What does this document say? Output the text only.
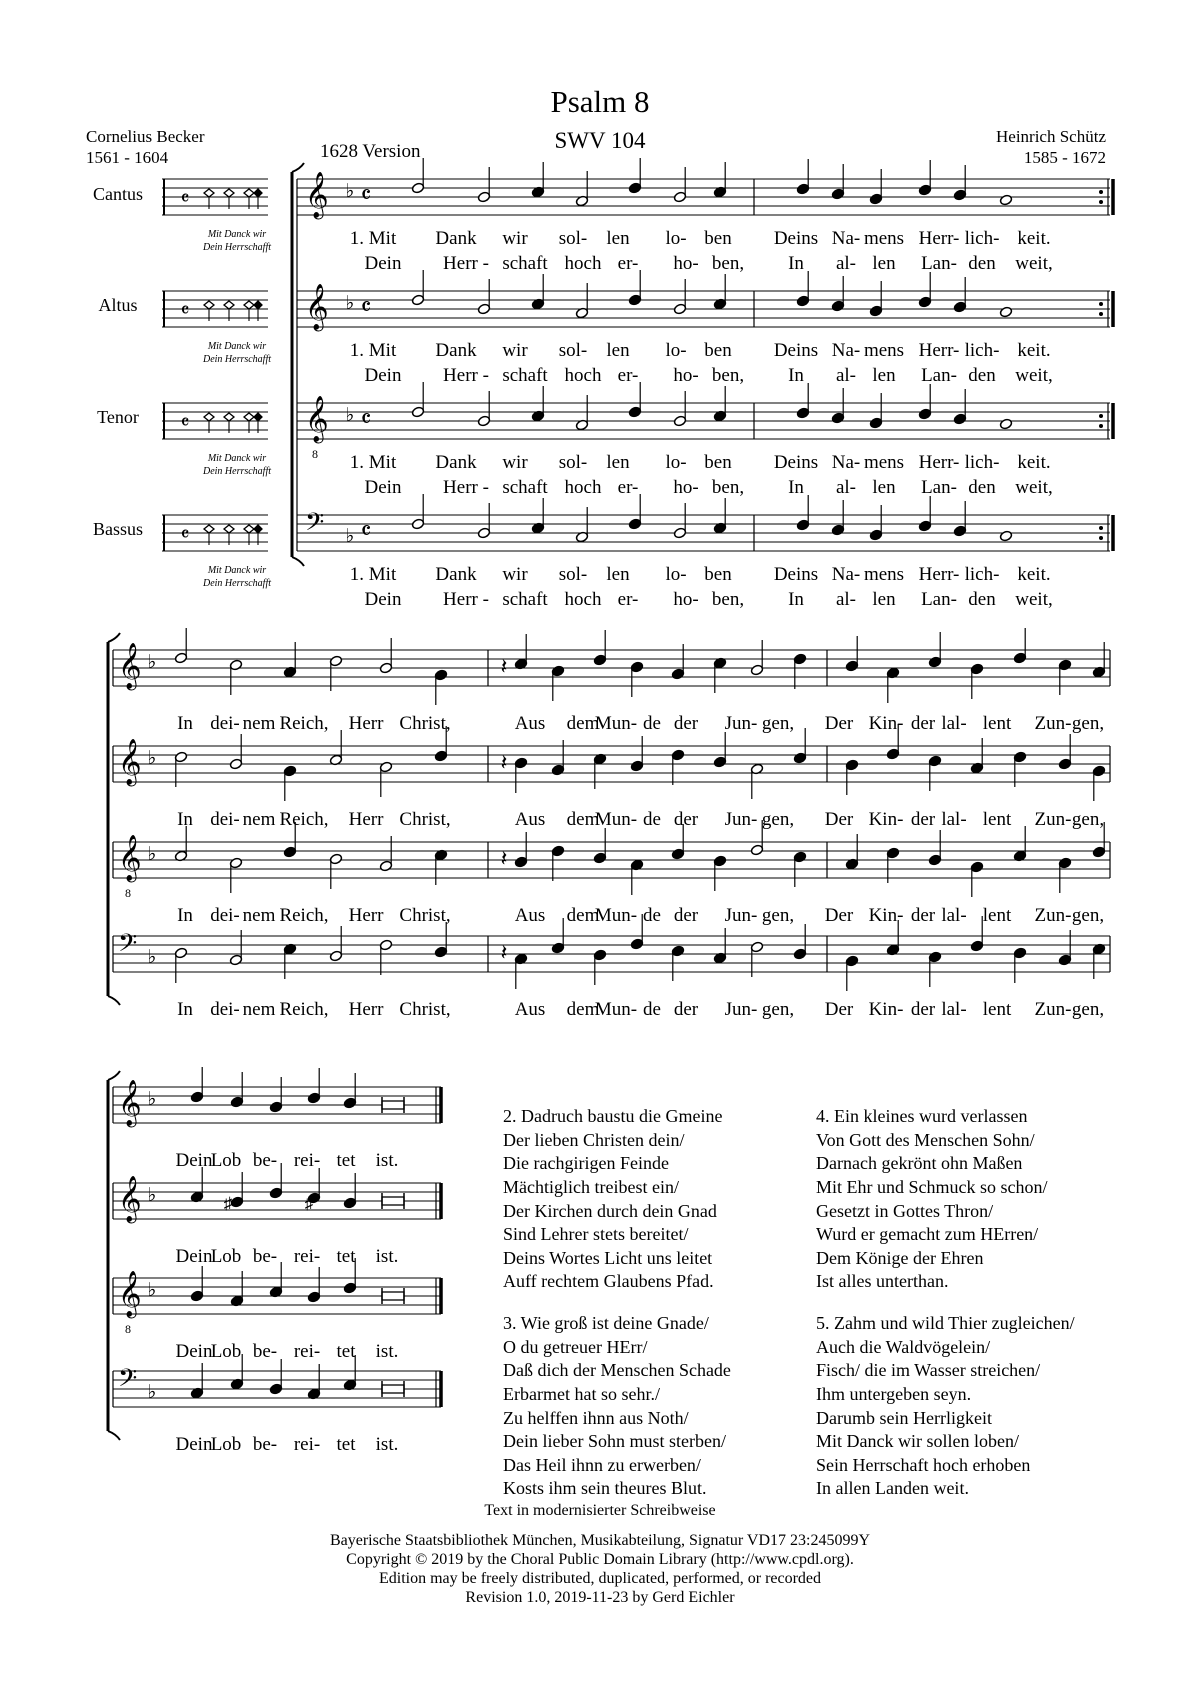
Psalm 8
SWV 104
Cornelius Becker
1561 - 1604	1628 Version
Heinrich Schütz
1585 - 1672
Cantus
Altus
Tenor
Bassus
𝄴
Mit Danck wir
Dein Herrschafft
𝄞 ♭ 𝄴
1. Mit
Dein
Dank
Herr -
wir
schaft
sol-
hoch
len
er-
lo-
ho-
ben
ben,
Deins
In
Na-
al-
mens
len
Herr-
Lan-
lich-
den
keit.
weit,
𝄴
Mit Danck wir
Dein Herrschafft
𝄞 ♭ 𝄴
1. Mit
Dein
Dank
Herr -
wir
schaft
sol-
hoch
len
er-
lo-
ho-
ben
ben,
Deins
In
Na-
al-
mens
len
Herr-
Lan-
lich-
den
keit.
weit,
𝄴
Mit Danck wir
Dein Herrschafft
𝄞
8
♭ 𝄴
1. Mit
Dein
Dank
Herr -
wir
schaft
sol-
hoch
len
er-
lo-
ho-
ben
ben,
Deins
In
Na-
al-
mens
len
Herr-
Lan-
lich-
den
keit.
weit,
𝄴
Mit Danck wir
Dein Herrschafft
𝄢 ♭ 𝄴
1. Mit
Dein
Dank
Herr -
wir
schaft
sol-
hoch
len
er-
lo-
ho-
ben
ben,
Deins
In
Na-
al-
mens
len
Herr-
Lan-
lich-
den
keit.
weit,
𝄞 ♭	𝄽
In dei- nem Reich, Herr Christ,	Aus dem
Mun- de der Jun- gen, Der Kin- der lal- lent Zun- gen,
𝄞 ♭	𝄽
In dei- nem Reich, Herr Christ,	Aus dem
Mun- de der Jun- gen, Der Kin- der lal- lent Zun- gen,
𝄞
8
♭	𝄽
In dei- nem Reich, Herr Christ,	Aus dem
Mun- de der Jun- gen, Der Kin- der lal- lent Zun- gen,
𝄢 ♭	𝄽
In dei- nem Reich, Herr Christ,	Aus dem
Mun- de der Jun- gen, Der Kin- der lal- lent Zun- gen,
𝄞 ♭
Dein
Lob be- rei- tet ist.
𝄞 ♭	♯	♯
Dein
Lob be- rei- tet ist.
𝄞
8
♭
Dein
Lob be- rei- tet ist.
𝄢 ♭
Dein
Lob be- rei- tet ist.

2. Dadruch baustu die Gmeine
Der lieben Christen dein/
Die rachgirigen Feinde
Mächtiglich treibest ein/
Der Kirchen durch dein Gnad
Sind Lehrer stets bereitet/
Deins Wortes Licht uns leitet
Auff rechtem Glaubens Pfad.

3. Wie groß ist deine Gnade/
O du getreuer HErr/
Daß dich der Menschen Schade
Erbarmet hat so sehr./
Zu helffen ihnn aus Noth/
Dein lieber Sohn must sterben/
Das Heil ihnn zu erwerben/
Kosts ihm sein theures Blut.

4. Ein kleines wurd verlassen
Von Gott des Menschen Sohn/
Darnach gekrönt ohn Maßen
Mit Ehr und Schmuck so schon/
Gesetzt in Gottes Thron/
Wurd er gemacht zum HErren/
Dem Könige der Ehren
Ist alles unterthan.

5. Zahm und wild Thier zugleichen/
Auch die Waldvögelein/
Fisch/ die im Wasser streichen/
Ihm untergeben seyn.
Darumb sein Herrligkeit
Mit Danck wir sollen loben/
Sein Herrschaft hoch erhoben
In allen Landen weit.

Text in modernisierter Schreibweise
Bayerische Staatsbibliothek München, Musikabteilung, Signatur VD17 23:245099Y
Copyright © 2019 by the Choral Public Domain Library (http://www.cpdl.org).
Edition may be freely distributed, duplicated, performed, or recorded
Revision 1.0, 2019-11-23 by Gerd Eichler
